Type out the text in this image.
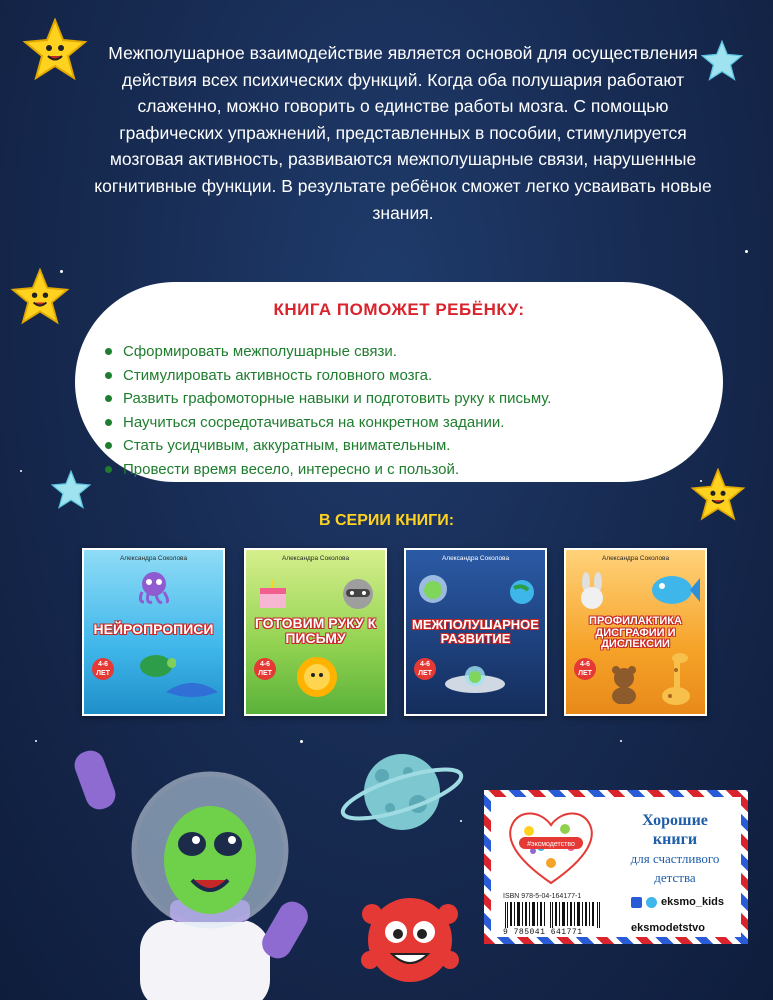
Межполушарное взаимодействие является основой для осуществления действия всех психических функций. Когда оба полушария работают слаженно, можно говорить о единстве работы мозга. С помощью графических упражнений, представленных в пособии, стимулируется мозговая активность, развиваются межполушарные связи, нарушенные когнитивные функции. В результате ребёнок сможет легко усваивать новые знания.
КНИГА ПОМОЖЕТ РЕБЁНКУ:
Сформировать межполушарные связи.
Стимулировать активность головного мозга.
Развить графомоторные навыки и подготовить руку к письму.
Научиться сосредотачиваться на конкретном задании.
Стать усидчивым, аккуратным, внимательным.
Провести время весело, интересно и с пользой.
В СЕРИИ КНИГИ:
Александра Соколова
НЕЙРОПРОПИСИ
4-6 ЛЕТ
Александра Соколова
ГОТОВИМ РУКУ К ПИСЬМУ
4-6 ЛЕТ
Александра Соколова
МЕЖПОЛУШАРНОЕ РАЗВИТИЕ
4-6 ЛЕТ
Александра Соколова
ПРОФИЛАКТИКА ДИСГРАФИИ И ДИСЛЕКСИИ
4-6 ЛЕТ
#эксмодетство
Хорошие
книги
для счастливого
детства
ISBN 978-5-04-164177-1
9 785041 641771
eksmo_kids
eksmodetstvo
